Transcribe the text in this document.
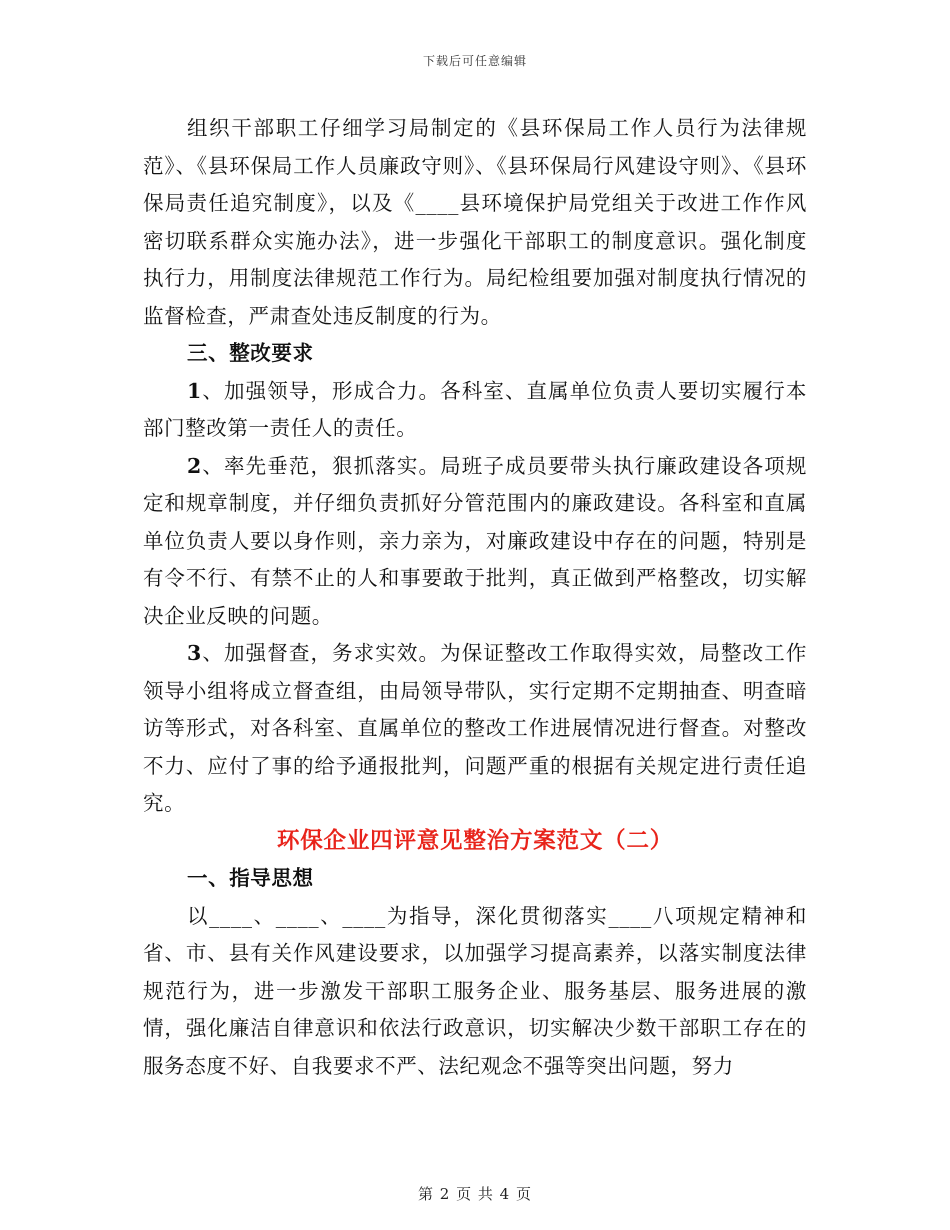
下载后可任意编辑

组织干部职工仔细学习局制定的《县环保局工作人员行为法律规范》、《县环保局工作人员廉政守则》、《县环保局行风建设守则》、《县环保局责任追究制度》，以及《____县环境保护局党组关于改进工作作风密切联系群众实施办法》，进一步强化干部职工的制度意识。强化制度执行力，用制度法律规范工作行为。局纪检组要加强对制度执行情况的监督检查，严肃查处违反制度的行为。

三、整改要求

1、加强领导，形成合力。各科室、直属单位负责人要切实履行本部门整改第一责任人的责任。

2、率先垂范，狠抓落实。局班子成员要带头执行廉政建设各项规定和规章制度，并仔细负责抓好分管范围内的廉政建设。各科室和直属单位负责人要以身作则，亲力亲为，对廉政建设中存在的问题，特别是有令不行、有禁不止的人和事要敢于批判，真正做到严格整改，切实解决企业反映的问题。

3、加强督查，务求实效。为保证整改工作取得实效，局整改工作领导小组将成立督查组，由局领导带队，实行定期不定期抽查、明查暗访等形式，对各科室、直属单位的整改工作进展情况进行督查。对整改不力、应付了事的给予通报批判，问题严重的根据有关规定进行责任追究。

环保企业四评意见整治方案范文（二）

一、指导思想

以____、____、____为指导，深化贯彻落实____八项规定精神和省、市、县有关作风建设要求，以加强学习提高素养，以落实制度法律规范行为，进一步激发干部职工服务企业、服务基层、服务进展的激情，强化廉洁自律意识和依法行政意识，切实解决少数干部职工存在的服务态度不好、自我要求不严、法纪观念不强等突出问题，努力

第 2 页 共 4 页
